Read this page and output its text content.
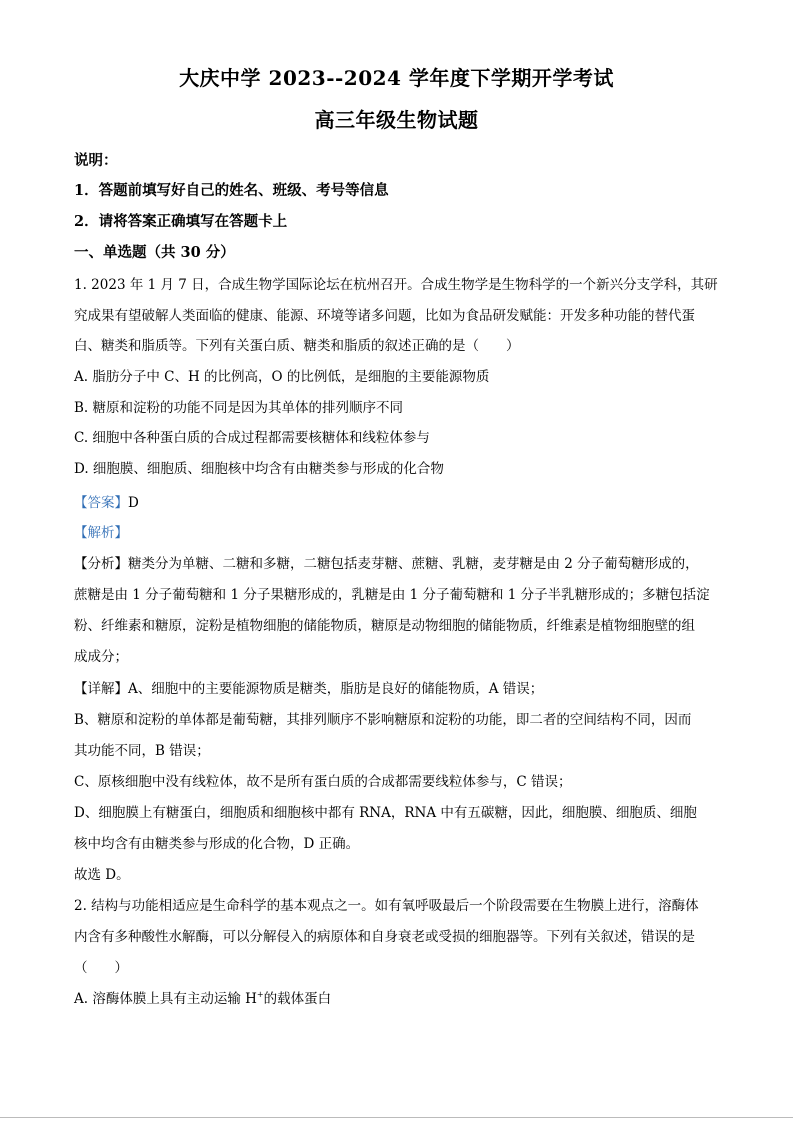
大庆中学 2023--2024 学年度下学期开学考试
高三年级生物试题
说明：
1．答题前填写好自己的姓名、班级、考号等信息
2．请将答案正确填写在答题卡上
一、单选题（共 30 分）
1. 2023 年 1 月 7 日，合成生物学国际论坛在杭州召开。合成生物学是生物科学的一个新兴分支学科，其研
究成果有望破解人类面临的健康、能源、环境等诸多问题，比如为食品研发赋能：开发多种功能的替代蛋
白、糖类和脂质等。下列有关蛋白质、糖类和脂质的叙述正确的是（　　）
A. 脂肪分子中 C、H 的比例高，O 的比例低，是细胞的主要能源物质
B. 糖原和淀粉的功能不同是因为其单体的排列顺序不同
C. 细胞中各种蛋白质的合成过程都需要核糖体和线粒体参与
D. 细胞膜、细胞质、细胞核中均含有由糖类参与形成的化合物
【答案】D
【解析】
【分析】糖类分为单糖、二糖和多糖，二糖包括麦芽糖、蔗糖、乳糖，麦芽糖是由 2 分子葡萄糖形成的，
蔗糖是由 1 分子葡萄糖和 1 分子果糖形成的，乳糖是由 1 分子葡萄糖和 1 分子半乳糖形成的；多糖包括淀
粉、纤维素和糖原，淀粉是植物细胞的储能物质，糖原是动物细胞的储能物质，纤维素是植物细胞壁的组
成成分；
【详解】A、细胞中的主要能源物质是糖类，脂肪是良好的储能物质，A 错误；
B、糖原和淀粉的单体都是葡萄糖，其排列顺序不影响糖原和淀粉的功能，即二者的空间结构不同，因而
其功能不同，B 错误；
C、原核细胞中没有线粒体，故不是所有蛋白质的合成都需要线粒体参与，C 错误；
D、细胞膜上有糖蛋白，细胞质和细胞核中都有 RNA，RNA 中有五碳糖，因此，细胞膜、细胞质、细胞
核中均含有由糖类参与形成的化合物，D 正确。
故选 D。
2. 结构与功能相适应是生命科学的基本观点之一。如有氧呼吸最后一个阶段需要在生物膜上进行，溶酶体
内含有多种酸性水解酶，可以分解侵入的病原体和自身衰老或受损的细胞器等。下列有关叙述，错误的是
（　　）
A. 溶酶体膜上具有主动运输 H+的载体蛋白
